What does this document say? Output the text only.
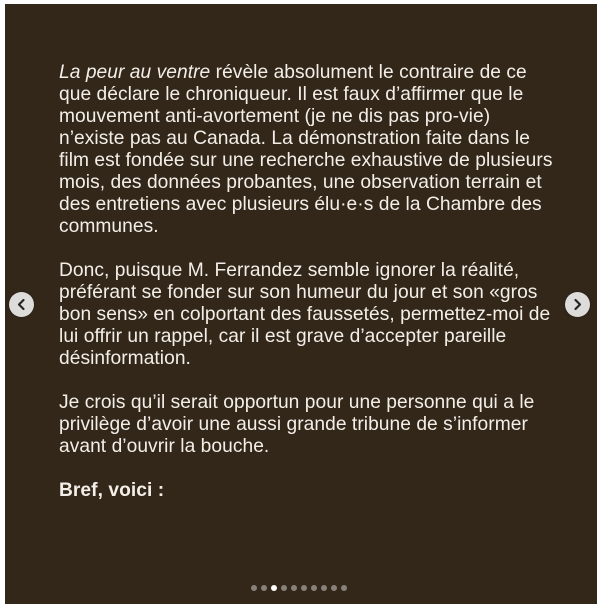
La peur au ventre révèle absolument le contraire de ce que déclare le chroniqueur. Il est faux d’affirmer que le mouvement anti-avortement (je ne dis pas pro-vie) n’existe pas au Canada. La démonstration faite dans le film est fondée sur une recherche exhaustive de plusieurs mois, des données probantes, une observation terrain et des entretiens avec plusieurs élu·e·s de la Chambre des communes.

Donc, puisque M. Ferrandez semble ignorer la réalité, préférant se fonder sur son humeur du jour et son «gros bon sens» en colportant des faussetés, permettez-moi de lui offrir un rappel, car il est grave d’accepter pareille désinformation.

Je crois qu’il serait opportun pour une personne qui a le privilège d’avoir une aussi grande tribune de s’informer avant d’ouvrir la bouche.

Bref, voici :
